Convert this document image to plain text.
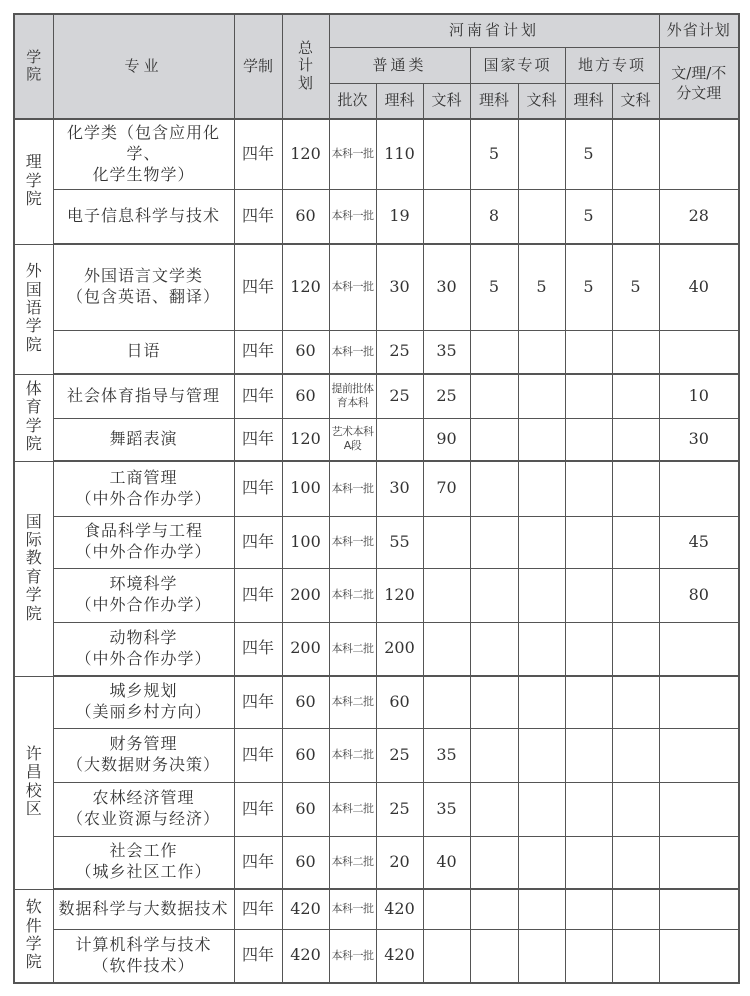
学院	专业	学制	总计划	河南省计划							外省计划
				普通类			国家专项		地方专项		文/理/不分文理
				批次	理科	文科	理科	文科	理科	文科	
理学院	化学类（包含应用化学、
化学生物学）	四年	120	本科一批	110		5		5		

	电子信息科学与技术	四年	60	本科一批	19		8		5		28
外国语学院	外国语言文学类
（包含英语、翻译）	四年	120	本科一批	30	30	5	5	5	5	40

	日语	四年	60	本科一批	25	35					
体育学院	社会体育指导与管理	四年	60	提前批体
育本科	25	25					10

	舞蹈表演	四年	120	艺术本科
A段		90					30
国际教育学院	工商管理
（中外合作办学）	四年	100	本科一批	30	70					

	食品科学与工程
（中外合作办学）	四年	100	本科一批	55						45

	环境科学
（中外合作办学）	四年	200	本科二批	120						80

	动物科学
（中外合作办学）	四年	200	本科二批	200						
许昌校区	城乡规划
（美丽乡村方向）	四年	60	本科二批	60						

	财务管理
（大数据财务决策）	四年	60	本科二批	25	35					

	农林经济管理
（农业资源与经济）	四年	60	本科二批	25	35					

	社会工作
（城乡社区工作）	四年	60	本科二批	20	40					
软件学院	数据科学与大数据技术	四年	420	本科一批	420						

	计算机科学与技术
（软件技术）	四年	420	本科一批	420						
